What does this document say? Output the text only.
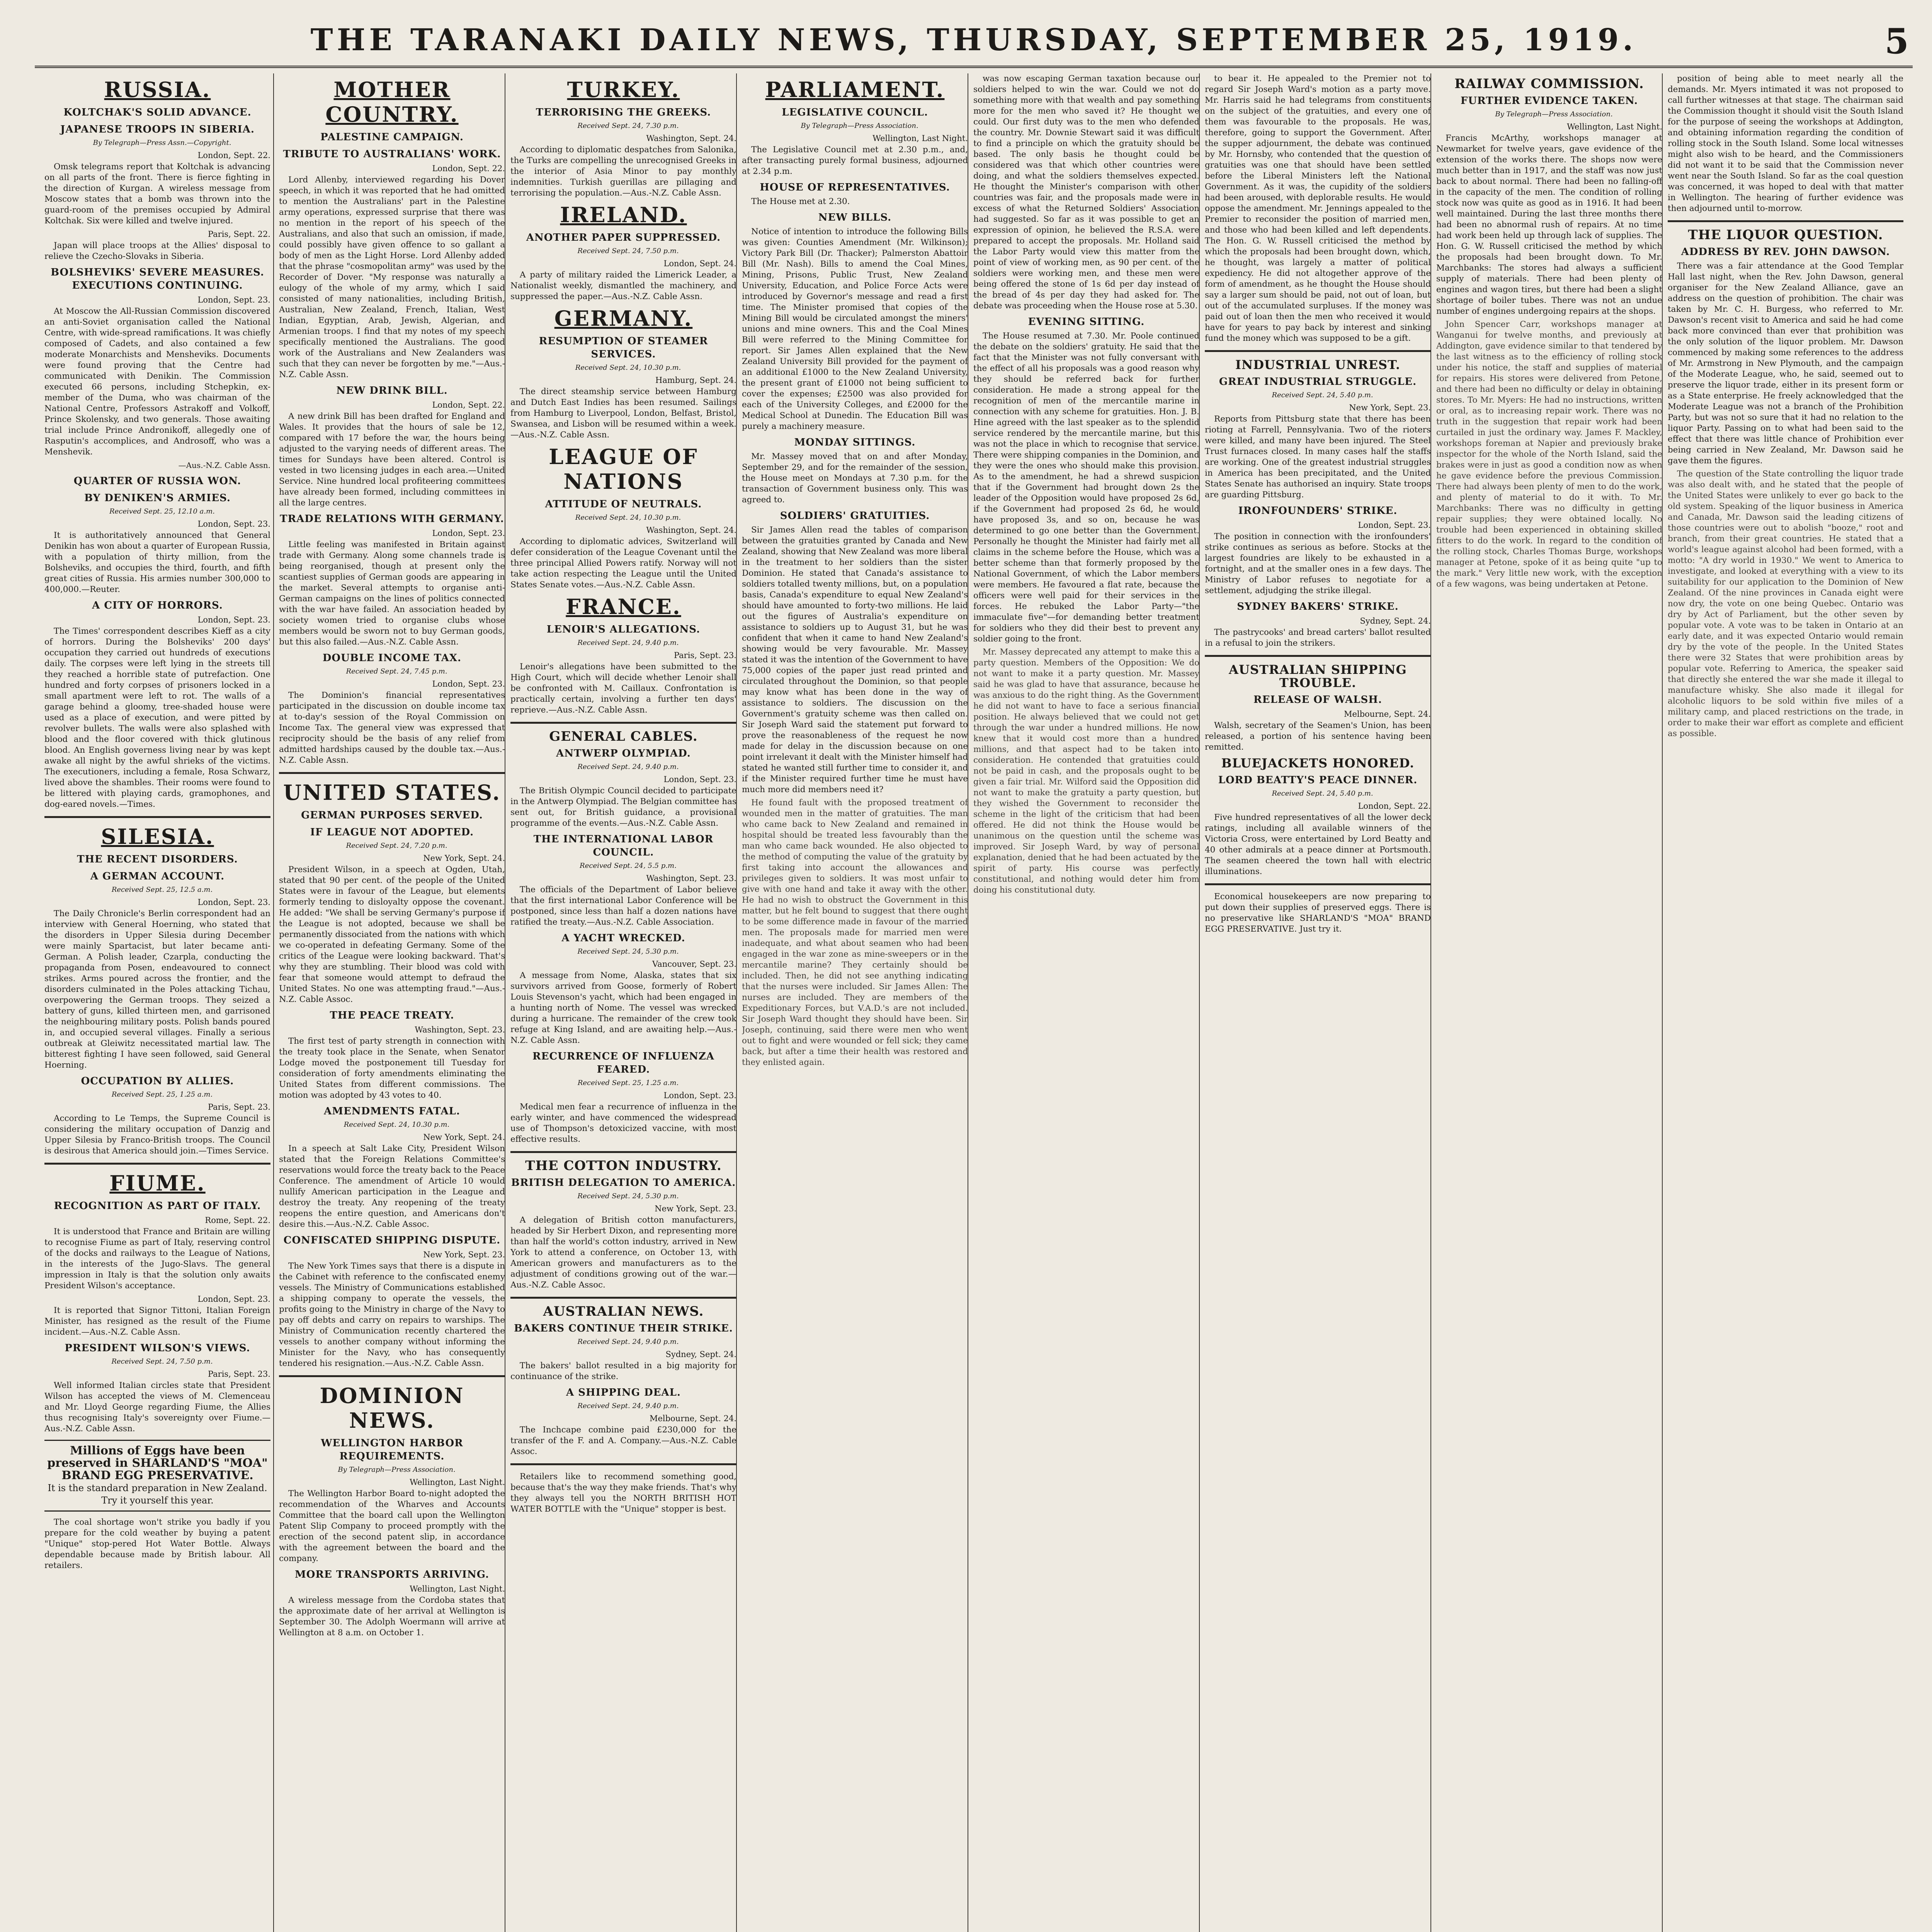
THE TARANAKI DAILY NEWS, THURSDAY, SEPTEMBER 25, 1919.	5
RUSSIA.
KOLTCHAK'S SOLID ADVANCE.
JAPANESE TROOPS IN SIBERIA.

By Telegraph—Press Assn.—Copyright.

London, Sept. 22.

Omsk telegrams report that Koltchak is advancing on all parts of the front. There is fierce fighting in the direction of Kurgan. A wireless message from Moscow states that a bomb was thrown into the guard-room of the premises occupied by Admiral Koltchak. Six were killed and twelve injured.

Paris, Sept. 22.

Japan will place troops at the Allies' disposal to relieve the Czecho-Slovaks in Siberia.

BOLSHEVIKS' SEVERE MEASURES. EXECUTIONS CONTINUING.
London, Sept. 23.

At Moscow the All-Russian Commission discovered an anti-Soviet organisation called the National Centre, with wide-spread ramifications. It was chiefly composed of Cadets, and also contained a few moderate Monarchists and Mensheviks. Documents were found proving that the Centre had communicated with Denikin. The Commission executed 66 persons, including Stchepkin, ex-member of the Duma, who was chairman of the National Centre, Professors Astrakoff and Volkoff, Prince Skolensky, and two generals. Those awaiting trial include Prince Andronikoff, allegedly one of Rasputin's accomplices, and Androsoff, who was a Menshevik.

—Aus.-N.Z. Cable Assn.
QUARTER OF RUSSIA WON.
BY DENIKEN'S ARMIES.

Received Sept. 25, 12.10 a.m.

London, Sept. 23.

It is authoritatively announced that General Denikin has won about a quarter of European Russia, with a population of thirty million, from the Bolsheviks, and occupies the third, fourth, and fifth great cities of Russia. His armies number 300,000 to 400,000.—Reuter.

A CITY OF HORRORS.
London, Sept. 23.

The Times' correspondent describes Kieff as a city of horrors. During the Bolsheviks' 200 days' occupation they carried out hundreds of executions daily. The corpses were left lying in the streets till they reached a horrible state of putrefaction. One hundred and forty corpses of prisoners locked in a small apartment were left to rot. The walls of a garage behind a gloomy, tree-shaded house were used as a place of execution, and were pitted by revolver bullets. The walls were also splashed with blood and the floor covered with thick glutinous blood. An English governess living near by was kept awake all night by the awful shrieks of the victims. The executioners, including a female, Rosa Schwarz, lived above the shambles. Their rooms were found to be littered with playing cards, gramophones, and dog-eared novels.—Times.

SILESIA.
THE RECENT DISORDERS.
A GERMAN ACCOUNT.

Received Sept. 25, 12.5 a.m.

London, Sept. 23.

The Daily Chronicle's Berlin correspondent had an interview with General Hoerning, who stated that the disorders in Upper Silesia during December were mainly Spartacist, but later became anti-German. A Polish leader, Czarpla, conducting the propaganda from Posen, endeavoured to connect strikes. Arms poured across the frontier, and the disorders culminated in the Poles attacking Tichau, overpowering the German troops. They seized a battery of guns, killed thirteen men, and garrisoned the neighbouring military posts. Polish bands poured in, and occupied several villages. Finally a serious outbreak at Gleiwitz necessitated martial law. The bitterest fighting I have seen followed, said General Hoerning.

OCCUPATION BY ALLIES.

Received Sept. 25, 1.25 a.m.

Paris, Sept. 23.

According to Le Temps, the Supreme Council is considering the military occupation of Danzig and Upper Silesia by Franco-British troops. The Council is desirous that America should join.—Times Service.

FIUME.
RECOGNITION AS PART OF ITALY.
Rome, Sept. 22.

It is understood that France and Britain are willing to recognise Fiume as part of Italy, reserving control of the docks and railways to the League of Nations, in the interests of the Jugo-Slavs. The general impression in Italy is that the solution only awaits President Wilson's acceptance.

London, Sept. 23.

It is reported that Signor Tittoni, Italian Foreign Minister, has resigned as the result of the Fiume incident.—Aus.-N.Z. Cable Assn.

PRESIDENT WILSON'S VIEWS.

Received Sept. 24, 7.50 p.m.

Paris, Sept. 23.

Well informed Italian circles state that President Wilson has accepted the views of M. Clemenceau and Mr. Lloyd George regarding Fiume, the Allies thus recognising Italy's sovereignty over Fiume.—Aus.-N.Z. Cable Assn.

Millions of Eggs have been preserved in SHARLAND'S "MOA" BRAND EGG PRESERVATIVE.
It is the standard preparation in New Zealand. Try it yourself this year.

The coal shortage won't strike you badly if you prepare for the cold weather by buying a patent "Unique" stop-pered Hot Water Bottle. Always dependable because made by British labour. All retailers.

MOTHER COUNTRY.
PALESTINE CAMPAIGN.
TRIBUTE TO AUSTRALIANS' WORK.
London, Sept. 22.

Lord Allenby, interviewed regarding his Dover speech, in which it was reported that he had omitted to mention the Australians' part in the Palestine army operations, expressed surprise that there was no mention in the report of his speech of the Australians, and also that such an omission, if made, could possibly have given offence to so gallant a body of men as the Light Horse. Lord Allenby added that the phrase "cosmopolitan army" was used by the Recorder of Dover. "My response was naturally a eulogy of the whole of my army, which I said consisted of many nationalities, including British, Australian, New Zealand, French, Italian, West Indian, Egyptian, Arab, Jewish, Algerian, and Armenian troops. I find that my notes of my speech specifically mentioned the Australians. The good work of the Australians and New Zealanders was such that they can never be forgotten by me."—Aus.-N.Z. Cable Assn.

NEW DRINK BILL.
London, Sept. 22.

A new drink Bill has been drafted for England and Wales. It provides that the hours of sale be 12, compared with 17 before the war, the hours being adjusted to the varying needs of different areas. The times for Sundays have been altered. Control is vested in two licensing judges in each area.—United Service. Nine hundred local profiteering committees have already been formed, including committees in all the large centres.

TRADE RELATIONS WITH GERMANY.
London, Sept. 23.

Little feeling was manifested in Britain against trade with Germany. Along some channels trade is being reorganised, though at present only the scantiest supplies of German goods are appearing in the market. Several attempts to organise anti-German campaigns on the lines of politics connected with the war have failed. An association headed by society women tried to organise clubs whose members would be sworn not to buy German goods, but this also failed.—Aus.-N.Z. Cable Assn.

DOUBLE INCOME TAX.

Received Sept. 24, 7.45 p.m.

London, Sept. 23.

The Dominion's financial representatives participated in the discussion on double income tax at to-day's session of the Royal Commission on Income Tax. The general view was expressed that reciprocity should be the basis of any relief from admitted hardships caused by the double tax.—Aus.-N.Z. Cable Assn.

UNITED STATES.
GERMAN PURPOSES SERVED.
IF LEAGUE NOT ADOPTED.

Received Sept. 24, 7.20 p.m.

New York, Sept. 24.

President Wilson, in a speech at Ogden, Utah, stated that 90 per cent. of the people of the United States were in favour of the League, but elements formerly tending to disloyalty oppose the covenant. He added: "We shall be serving Germany's purpose if the League is not adopted, because we shall be permanently dissociated from the nations with which we co-operated in defeating Germany. Some of the critics of the League were looking backward. That's why they are stumbling. Their blood was cold with fear that someone would attempt to defraud the United States. No one was attempting fraud."—Aus.-N.Z. Cable Assoc.

THE PEACE TREATY.
Washington, Sept. 23.

The first test of party strength in connection with the treaty took place in the Senate, when Senator Lodge moved the postponement till Tuesday for consideration of forty amendments eliminating the United States from different commissions. The motion was adopted by 43 votes to 40.

AMENDMENTS FATAL.

Received Sept. 24, 10.30 p.m.

New York, Sept. 24.

In a speech at Salt Lake City, President Wilson stated that the Foreign Relations Committee's reservations would force the treaty back to the Peace Conference. The amendment of Article 10 would nullify American participation in the League and destroy the treaty. Any reopening of the treaty reopens the entire question, and Americans don't desire this.—Aus.-N.Z. Cable Assoc.

CONFISCATED SHIPPING DISPUTE.
New York, Sept. 23.

The New York Times says that there is a dispute in the Cabinet with reference to the confiscated enemy vessels. The Ministry of Communications established a shipping company to operate the vessels, the profits going to the Ministry in charge of the Navy to pay off debts and carry on repairs to warships. The Ministry of Communication recently chartered the vessels to another company without informing the Minister for the Navy, who has consequently tendered his resignation.—Aus.-N.Z. Cable Assn.

DOMINION NEWS.
WELLINGTON HARBOR REQUIREMENTS.

By Telegraph—Press Association.

Wellington, Last Night.

The Wellington Harbor Board to-night adopted the recommendation of the Wharves and Accounts Committee that the board call upon the Wellington Patent Slip Company to proceed promptly with the erection of the second patent slip, in accordance with the agreement between the board and the company.

MORE TRANSPORTS ARRIVING.
Wellington, Last Night.

A wireless message from the Cordoba states that the approximate date of her arrival at Wellington is September 30. The Adolph Woermann will arrive at Wellington at 8 a.m. on October 1.

TURKEY.
TERRORISING THE GREEKS.

Received Sept. 24, 7.30 p.m.

Washington, Sept. 24.

According to diplomatic despatches from Salonika, the Turks are compelling the unrecognised Greeks in the interior of Asia Minor to pay monthly indemnities. Turkish guerillas are pillaging and terrorising the population.—Aus.-N.Z. Cable Assn.

IRELAND.
ANOTHER PAPER SUPPRESSED.

Received Sept. 24, 7.50 p.m.

London, Sept. 24.

A party of military raided the Limerick Leader, a Nationalist weekly, dismantled the machinery, and suppressed the paper.—Aus.-N.Z. Cable Assn.

GERMANY.
RESUMPTION OF STEAMER SERVICES.

Received Sept. 24, 10.30 p.m.

Hamburg, Sept. 24.

The direct steamship service between Hamburg and Dutch East Indies has been resumed. Sailings from Hamburg to Liverpool, London, Belfast, Bristol, Swansea, and Lisbon will be resumed within a week.—Aus.-N.Z. Cable Assn.

LEAGUE OF NATIONS
ATTITUDE OF NEUTRALS.

Received Sept. 24, 10.30 p.m.

Washington, Sept. 24.

According to diplomatic advices, Switzerland will defer consideration of the League Covenant until the three principal Allied Powers ratify. Norway will not take action respecting the League until the United States Senate votes.—Aus.-N.Z. Cable Assn.

FRANCE.
LENOIR'S ALLEGATIONS.

Received Sept. 24, 9.40 p.m.

Paris, Sept. 23.

Lenoir's allegations have been submitted to the High Court, which will decide whether Lenoir shall be confronted with M. Caillaux. Confrontation is practically certain, involving a further ten days' reprieve.—Aus.-N.Z. Cable Assn.

GENERAL CABLES.
ANTWERP OLYMPIAD.

Received Sept. 24, 9.40 p.m.

London, Sept. 23.

The British Olympic Council decided to participate in the Antwerp Olympiad. The Belgian committee has sent out, for British guidance, a provisional programme of the events.—Aus.-N.Z. Cable Assn.

THE INTERNATIONAL LABOR COUNCIL.

Received Sept. 24, 5.5 p.m.

Washington, Sept. 23.

The officials of the Department of Labor believe that the first international Labor Conference will be postponed, since less than half a dozen nations have ratified the treaty.—Aus.-N.Z. Cable Association.

A YACHT WRECKED.

Received Sept. 24, 5.30 p.m.

Vancouver, Sept. 23.

A message from Nome, Alaska, states that six survivors arrived from Goose, formerly of Robert Louis Stevenson's yacht, which had been engaged in a hunting north of Nome. The vessel was wrecked during a hurricane. The remainder of the crew took refuge at King Island, and are awaiting help.—Aus.-N.Z. Cable Assn.

RECURRENCE OF INFLUENZA FEARED.

Received Sept. 25, 1.25 a.m.

London, Sept. 23.

Medical men fear a recurrence of influenza in the early winter, and have commenced the widespread use of Thompson's detoxicized vaccine, with most effective results.

THE COTTON INDUSTRY.
BRITISH DELEGATION TO AMERICA.

Received Sept. 24, 5.30 p.m.

New York, Sept. 23.

A delegation of British cotton manufacturers, headed by Sir Herbert Dixon, and representing more than half the world's cotton industry, arrived in New York to attend a conference, on October 13, with American growers and manufacturers as to the adjustment of conditions growing out of the war.—Aus.-N.Z. Cable Assoc.

AUSTRALIAN NEWS.
BAKERS CONTINUE THEIR STRIKE.

Received Sept. 24, 9.40 p.m.

Sydney, Sept. 24.

The bakers' ballot resulted in a big majority for continuance of the strike.

A SHIPPING DEAL.

Received Sept. 24, 9.40 p.m.

Melbourne, Sept. 24.

The Inchcape combine paid £230,000 for the transfer of the F. and A. Company.—Aus.-N.Z. Cable Assoc.

Retailers like to recommend something good, because that's the way they make friends. That's why they always tell you the NORTH BRITISH HOT WATER BOTTLE with the "Unique" stopper is best.

PARLIAMENT.
LEGISLATIVE COUNCIL.

By Telegraph—Press Association.

Wellington, Last Night.

The Legislative Council met at 2.30 p.m., and, after transacting purely formal business, adjourned at 2.34 p.m.

HOUSE OF REPRESENTATIVES.

The House met at 2.30.

NEW BILLS.

Notice of intention to introduce the following Bills was given: Counties Amendment (Mr. Wilkinson); Victory Park Bill (Dr. Thacker); Palmerston Abattoir Bill (Mr. Nash). Bills to amend the Coal Mines, Mining, Prisons, Public Trust, New Zealand University, Education, and Police Force Acts were introduced by Governor's message and read a first time. The Minister promised that copies of the Mining Bill would be circulated amongst the miners' unions and mine owners. This and the Coal Mines Bill were referred to the Mining Committee for report. Sir James Allen explained that the New Zealand University Bill provided for the payment of an additional £1000 to the New Zealand University, the present grant of £1000 not being sufficient to cover the expenses; £2500 was also provided for each of the University Colleges, and £2000 for the Medical School at Dunedin. The Education Bill was purely a machinery measure.

MONDAY SITTINGS.

Mr. Massey moved that on and after Monday, September 29, and for the remainder of the session, the House meet on Mondays at 7.30 p.m. for the transaction of Government business only. This was agreed to.

SOLDIERS' GRATUITIES.

Sir James Allen read the tables of comparison between the gratuities granted by Canada and New Zealand, showing that New Zealand was more liberal in the treatment to her soldiers than the sister Dominion. He stated that Canada's assistance to soldiers totalled twenty millions, but, on a population basis, Canada's expenditure to equal New Zealand's should have amounted to forty-two millions. He laid out the figures of Australia's expenditure on assistance to soldiers up to August 31, but he was confident that when it came to hand New Zealand's showing would be very favourable. Mr. Massey stated it was the intention of the Government to have 75,000 copies of the paper just read printed and circulated throughout the Dominion, so that people may know what has been done in the way of assistance to soldiers. The discussion on the Government's gratuity scheme was then called on. Sir Joseph Ward said the statement put forward to prove the reasonableness of the request he now made for delay in the discussion because on one point irrelevant it dealt with the Minister himself had stated he wanted still further time to consider it, and if the Minister required further time he must have much more did members need it?

He found fault with the proposed treatment of wounded men in the matter of gratuities. The man who came back to New Zealand and remained in hospital should be treated less favourably than the man who came back wounded. He also objected to the method of computing the value of the gratuity by first taking into account the allowances and privileges given to soldiers. It was most unfair to give with one hand and take it away with the other. He had no wish to obstruct the Government in this matter, but he felt bound to suggest that there ought to be some difference made in favour of the married men. The proposals made for married men were inadequate, and what about seamen who had been engaged in the war zone as mine-sweepers or in the mercantile marine? They certainly should be included. Then, he did not see anything indicating that the nurses were included. Sir James Allen: The nurses are included. They are members of the Expeditionary Forces, but V.A.D.'s are not included. Sir Joseph Ward thought they should have been. Sir Joseph, continuing, said there were men who went out to fight and were wounded or fell sick; they came back, but after a time their health was restored and they enlisted again.

was now escaping German taxation because our soldiers helped to win the war. Could we not do something more with that wealth and pay something more for the men who saved it? He thought we could. Our first duty was to the men who defended the country. Mr. Downie Stewart said it was difficult to find a principle on which the gratuity should be based. The only basis he thought could be considered was that which other countries were doing, and what the soldiers themselves expected. He thought the Minister's comparison with other countries was fair, and the proposals made were in excess of what the Returned Soldiers' Association had suggested. So far as it was possible to get an expression of opinion, he believed the R.S.A. were prepared to accept the proposals. Mr. Holland said the Labor Party would view this matter from the point of view of working men, as 90 per cent. of the soldiers were working men, and these men were being offered the stone of 1s 6d per day instead of the bread of 4s per day they had asked for. The debate was proceeding when the House rose at 5.30.

EVENING SITTING.

The House resumed at 7.30. Mr. Poole continued the debate on the soldiers' gratuity. He said that the fact that the Minister was not fully conversant with the effect of all his proposals was a good reason why they should be referred back for further consideration. He made a strong appeal for the recognition of men of the mercantile marine in connection with any scheme for gratuities. Hon. J. B. Hine agreed with the last speaker as to the splendid service rendered by the mercantile marine, but this was not the place in which to recognise that service. There were shipping companies in the Dominion, and they were the ones who should make this provision. As to the amendment, he had a shrewd suspicion that if the Government had brought down 2s the leader of the Opposition would have proposed 2s 6d, if the Government had proposed 2s 6d, he would have proposed 3s, and so on, because he was determined to go one better than the Government. Personally he thought the Minister had fairly met all claims in the scheme before the House, which was a better scheme than that formerly proposed by the National Government, of which the Labor members were members. He favoured a flat rate, because the officers were well paid for their services in the forces. He rebuked the Labor Party—"the immaculate five"—for demanding better treatment for soldiers who they did their best to prevent any soldier going to the front.

Mr. Massey deprecated any attempt to make this a party question. Members of the Opposition: We do not want to make it a party question. Mr. Massey said he was glad to have that assurance, because he was anxious to do the right thing. As the Government he did not want to have to face a serious financial position. He always believed that we could not get through the war under a hundred millions. He now knew that it would cost more than a hundred millions, and that aspect had to be taken into consideration. He contended that gratuities could not be paid in cash, and the proposals ought to be given a fair trial. Mr. Wilford said the Opposition did not want to make the gratuity a party question, but they wished the Government to reconsider the scheme in the light of the criticism that had been offered. He did not think the House would be unanimous on the question until the scheme was improved. Sir Joseph Ward, by way of personal explanation, denied that he had been actuated by the spirit of party. His course was perfectly constitutional, and nothing would deter him from doing his constitutional duty.

to bear it. He appealed to the Premier not to regard Sir Joseph Ward's motion as a party move. Mr. Harris said he had telegrams from constituents on the subject of the gratuities, and every one of them was favourable to the proposals. He was, therefore, going to support the Government. After the supper adjournment, the debate was continued by Mr. Hornsby, who contended that the question of gratuities was one that should have been settled before the Liberal Ministers left the National Government. As it was, the cupidity of the soldiers had been aroused, with deplorable results. He would oppose the amendment. Mr. Jennings appealed to the Premier to reconsider the position of married men, and those who had been killed and left dependents. The Hon. G. W. Russell criticised the method by which the proposals had been brought down, which, he thought, was largely a matter of political expediency. He did not altogether approve of the form of amendment, as he thought the House should say a larger sum should be paid, not out of loan, but out of the accumulated surpluses. If the money was paid out of loan then the men who received it would have for years to pay back by interest and sinking fund the money which was supposed to be a gift.

INDUSTRIAL UNREST.
GREAT INDUSTRIAL STRUGGLE.

Received Sept. 24, 5.40 p.m.

New York, Sept. 23.

Reports from Pittsburg state that there has been rioting at Farrell, Pennsylvania. Two of the rioters were killed, and many have been injured. The Steel Trust furnaces closed. In many cases half the staffs are working. One of the greatest industrial struggles in America has been precipitated, and the United States Senate has authorised an inquiry. State troops are guarding Pittsburg.

IRONFOUNDERS' STRIKE.
London, Sept. 23.

The position in connection with the ironfounders' strike continues as serious as before. Stocks at the largest foundries are likely to be exhausted in a fortnight, and at the smaller ones in a few days. The Ministry of Labor refuses to negotiate for a settlement, adjudging the strike illegal.

SYDNEY BAKERS' STRIKE.
Sydney, Sept. 24.

The pastrycooks' and bread carters' ballot resulted in a refusal to join the strikers.

AUSTRALIAN SHIPPING TROUBLE.
RELEASE OF WALSH.
Melbourne, Sept. 24.

Walsh, secretary of the Seamen's Union, has been released, a portion of his sentence having been remitted.

BLUEJACKETS HONORED.
LORD BEATTY'S PEACE DINNER.

Received Sept. 24, 5.40 p.m.

London, Sept. 22.

Five hundred representatives of all the lower deck ratings, including all available winners of the Victoria Cross, were entertained by Lord Beatty and 40 other admirals at a peace dinner at Portsmouth. The seamen cheered the town hall with electric illuminations.

Economical housekeepers are now preparing to put down their supplies of preserved eggs. There is no preservative like SHARLAND'S "MOA" BRAND EGG PRESERVATIVE. Just try it.

RAILWAY COMMISSION.
FURTHER EVIDENCE TAKEN.

By Telegraph—Press Association.

Wellington, Last Night.

Francis McArthy, workshops manager at Newmarket for twelve years, gave evidence of the extension of the works there. The shops now were much better than in 1917, and the staff was now just back to about normal. There had been no falling-off in the capacity of the men. The condition of rolling stock now was quite as good as in 1916. It had been well maintained. During the last three months there had been no abnormal rush of repairs. At no time had work been held up through lack of supplies. The Hon. G. W. Russell criticised the method by which the proposals had been brought down. To Mr. Marchbanks: The stores had always a sufficient supply of materials. There had been plenty of engines and wagon tires, but there had been a slight shortage of boiler tubes. There was not an undue number of engines undergoing repairs at the shops.

John Spencer Carr, workshops manager at Wanganui for twelve months, and previously at Addington, gave evidence similar to that tendered by the last witness as to the efficiency of rolling stock under his notice, the staff and supplies of material for repairs. His stores were delivered from Petone, and there had been no difficulty or delay in obtaining stores. To Mr. Myers: He had no instructions, written or oral, as to increasing repair work. There was no truth in the suggestion that repair work had been curtailed in just the ordinary way. James F. Mackley, workshops foreman at Napier and previously brake inspector for the whole of the North Island, said the brakes were in just as good a condition now as when he gave evidence before the previous Commission. There had always been plenty of men to do the work, and plenty of material to do it with. To Mr. Marchbanks: There was no difficulty in getting repair supplies; they were obtained locally. No trouble had been experienced in obtaining skilled fitters to do the work. In regard to the condition of the rolling stock, Charles Thomas Burge, workshops manager at Petone, spoke of it as being quite "up to the mark." Very little new work, with the exception of a few wagons, was being undertaken at Petone.

position of being able to meet nearly all the demands. Mr. Myers intimated it was not proposed to call further witnesses at that stage. The chairman said the Commission thought it should visit the South Island for the purpose of seeing the workshops at Addington, and obtaining information regarding the condition of rolling stock in the South Island. Some local witnesses might also wish to be heard, and the Commissioners did not want it to be said that the Commission never went near the South Island. So far as the coal question was concerned, it was hoped to deal with that matter in Wellington. The hearing of further evidence was then adjourned until to-morrow.

THE LIQUOR QUESTION.
ADDRESS BY REV. JOHN DAWSON.

There was a fair attendance at the Good Templar Hall last night, when the Rev. John Dawson, general organiser for the New Zealand Alliance, gave an address on the question of prohibition. The chair was taken by Mr. C. H. Burgess, who referred to Mr. Dawson's recent visit to America and said he had come back more convinced than ever that prohibition was the only solution of the liquor problem. Mr. Dawson commenced by making some references to the address of Mr. Armstrong in New Plymouth, and the campaign of the Moderate League, who, he said, seemed out to preserve the liquor trade, either in its present form or as a State enterprise. He freely acknowledged that the Moderate League was not a branch of the Prohibition Party, but was not so sure that it had no relation to the liquor Party. Passing on to what had been said to the effect that there was little chance of Prohibition ever being carried in New Zealand, Mr. Dawson said he gave them the figures.

The question of the State controlling the liquor trade was also dealt with, and he stated that the people of the United States were unlikely to ever go back to the old system. Speaking of the liquor business in America and Canada, Mr. Dawson said the leading citizens of those countries were out to abolish "booze," root and branch, from their great countries. He stated that a world's league against alcohol had been formed, with a motto: "A dry world in 1930." We went to America to investigate, and looked at everything with a view to its suitability for our application to the Dominion of New Zealand. Of the nine provinces in Canada eight were now dry, the vote on one being Quebec. Ontario was dry by Act of Parliament, but the other seven by popular vote. A vote was to be taken in Ontario at an early date, and it was expected Ontario would remain dry by the vote of the people. In the United States there were 32 States that were prohibition areas by popular vote. Referring to America, the speaker said that directly she entered the war she made it illegal to manufacture whisky. She also made it illegal for alcoholic liquors to be sold within five miles of a military camp, and placed restrictions on the trade, in order to make their war effort as complete and efficient as possible.
